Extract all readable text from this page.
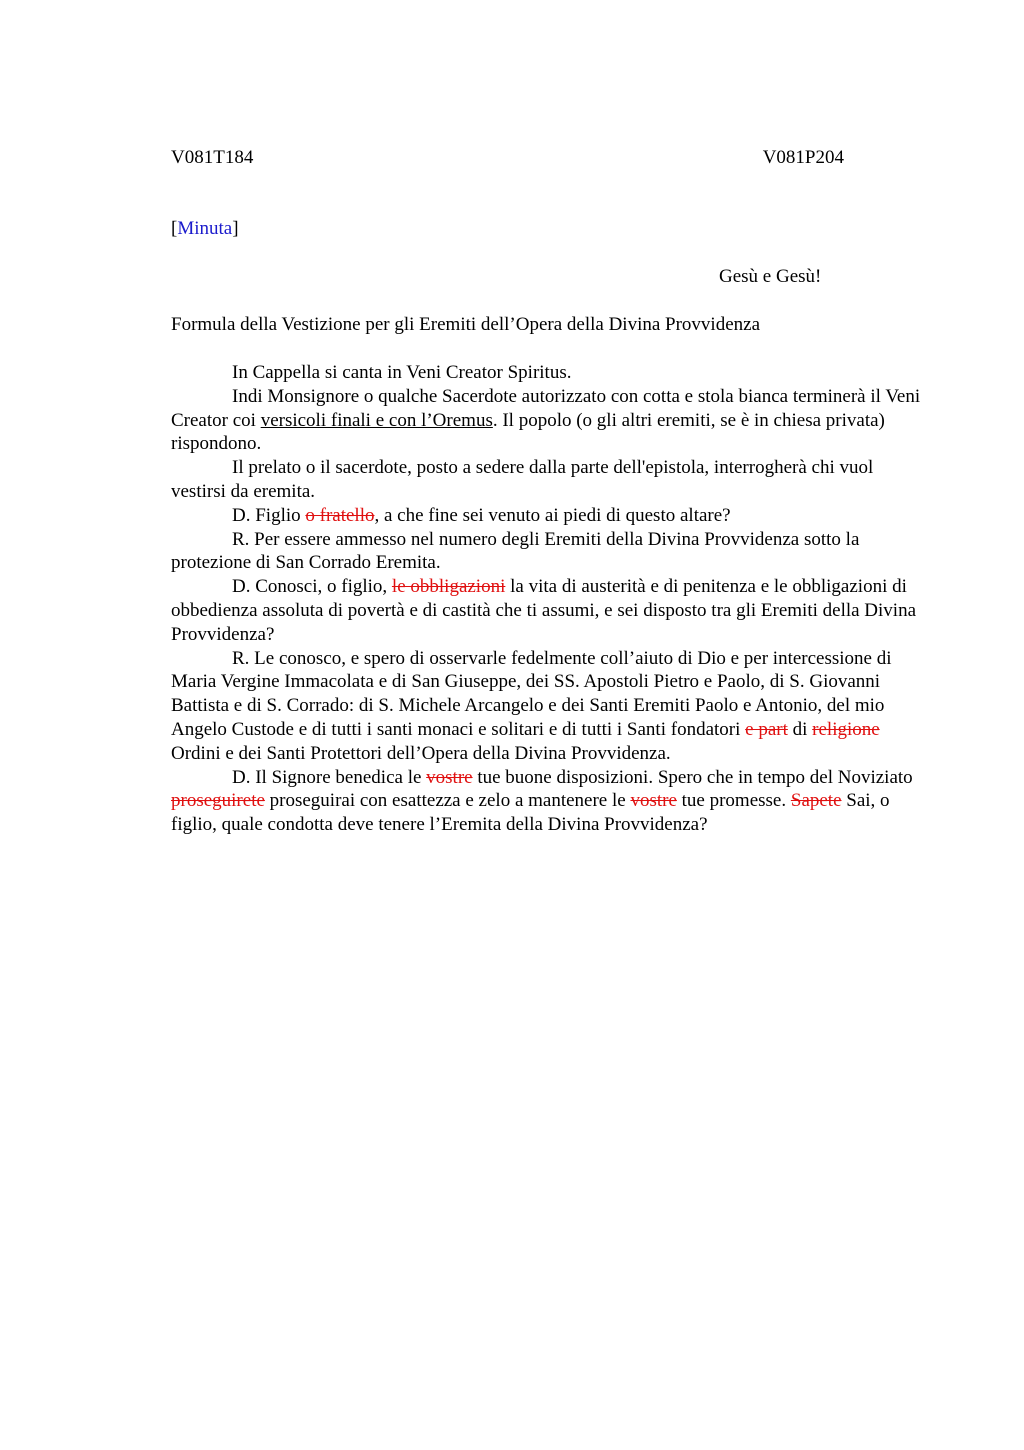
V081T184	V081P204
[Minuta]
Gesù e Gesù!
Formula della Vestizione per gli Eremiti dell’Opera della Divina Provvidenza

In Cappella si canta in Veni Creator Spiritus.

Indi Monsignore o qualche Sacerdote autorizzato con cotta e stola bianca terminerà il Veni Creator coi versicoli finali e con l’Oremus. Il popolo (o gli altri eremiti, se è in chiesa privata) rispondono.

Il prelato o il sacerdote, posto a sedere dalla parte dell'epistola, interrogherà chi vuol vestirsi da eremita.

D. Figlio o fratello, a che fine sei venuto ai piedi di questo altare?

R. Per essere ammesso nel numero degli Eremiti della Divina Provvidenza sotto la protezione di San Corrado Eremita.

D. Conosci, o figlio, le obbligazioni la vita di austerità e di penitenza e le obbligazioni di obbedienza assoluta di povertà e di castità che ti assumi, e sei disposto tra gli Eremiti della Divina Provvidenza?

R. Le conosco, e spero di osservarle fedelmente coll’aiuto di Dio e per intercessione di Maria Vergine Immacolata e di San Giuseppe, dei SS. Apostoli Pietro e Paolo, di S. Giovanni Battista e di S. Corrado: di S. Michele Arcangelo e dei Santi Eremiti Paolo e Antonio, del mio Angelo Custode e di tutti i santi monaci e solitari e di tutti i Santi fondatori e part di religione Ordini e dei Santi Protettori dell’Opera della Divina Provvidenza.

D. Il Signore benedica le vostre tue buone disposizioni. Spero che in tempo del Noviziato proseguirete proseguirai con esattezza e zelo a mantenere le vostre tue promesse. Sapete Sai, o figlio, quale condotta deve tenere l’Eremita della Divina Provvidenza?
